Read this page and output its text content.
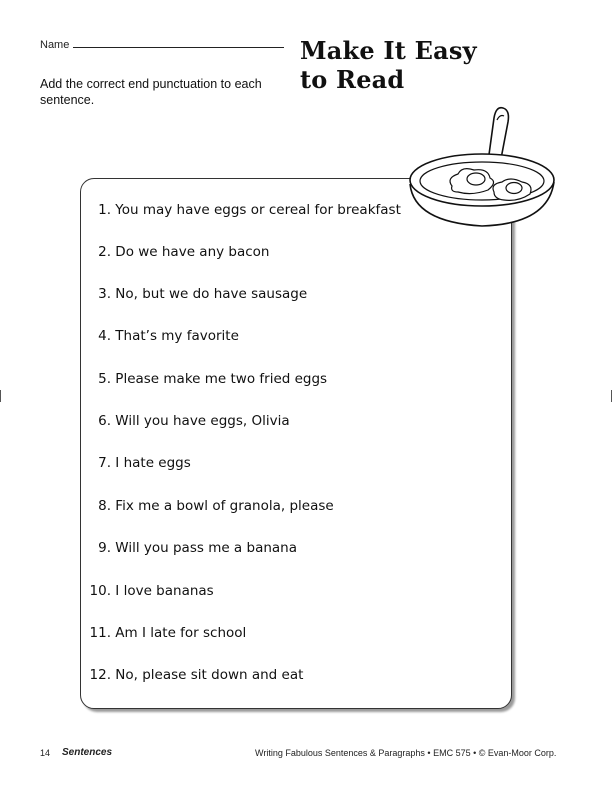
Name
Add the correct end punctuation to each sentence.
Make It Easy
to Read
1. You may have eggs or cereal for breakfast
2. Do we have any bacon
3. No, but we do have sausage
4. That’s my favorite
5. Please make me two fried eggs
6. Will you have eggs, Olivia
7. I hate eggs
8. Fix me a bowl of granola, please
9. Will you pass me a banana
10. I love bananas
11. Am I late for school
12. No, please sit down and eat
14 Sentences	Writing Fabulous Sentences & Paragraphs • EMC 575 • © Evan-Moor Corp.
